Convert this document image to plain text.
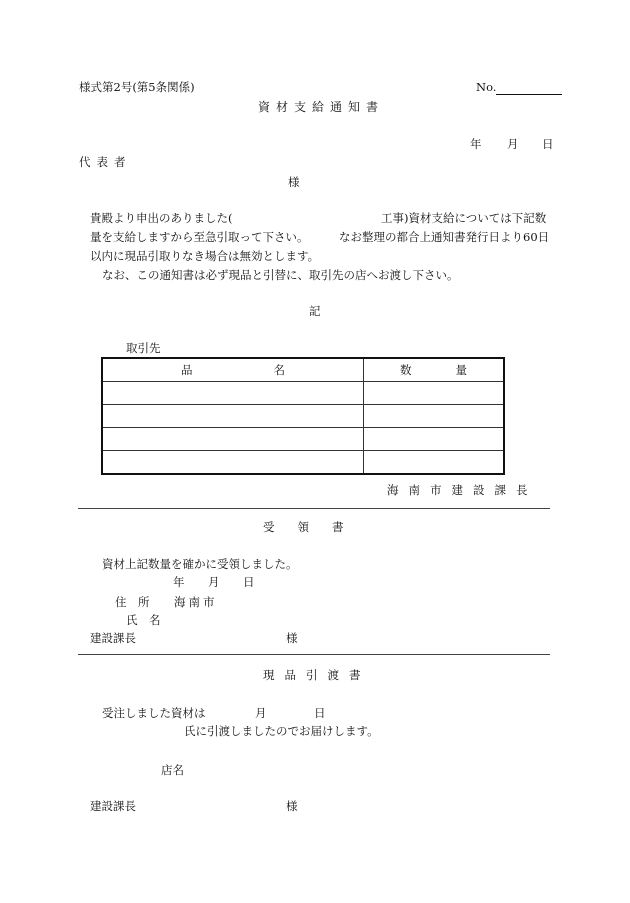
様式第2号(第5条関係)	No.
資材支給通知書
年 月 日
代表者
様
貴殿より申出のありました(	工事)資材支給については下記数
量を支給しますから至急引取って下さい。	なお整理の都合上通知書発行日より60日
以内に現品引取りなき場合は無効とします。
なお、この通知書は必ず現品と引替に、取引先の店へお渡し下さい。
記
取引先
品 名	数 量

海南市建設課長
受　　領　　書
資材上記数量を確かに受領しました。
年 月 日
住　所 海南市
氏　名
建設課長	様
現品引渡書
受注しました資材は	月	日
氏に引渡しましたのでお届けします。
店名
建設課長	様
